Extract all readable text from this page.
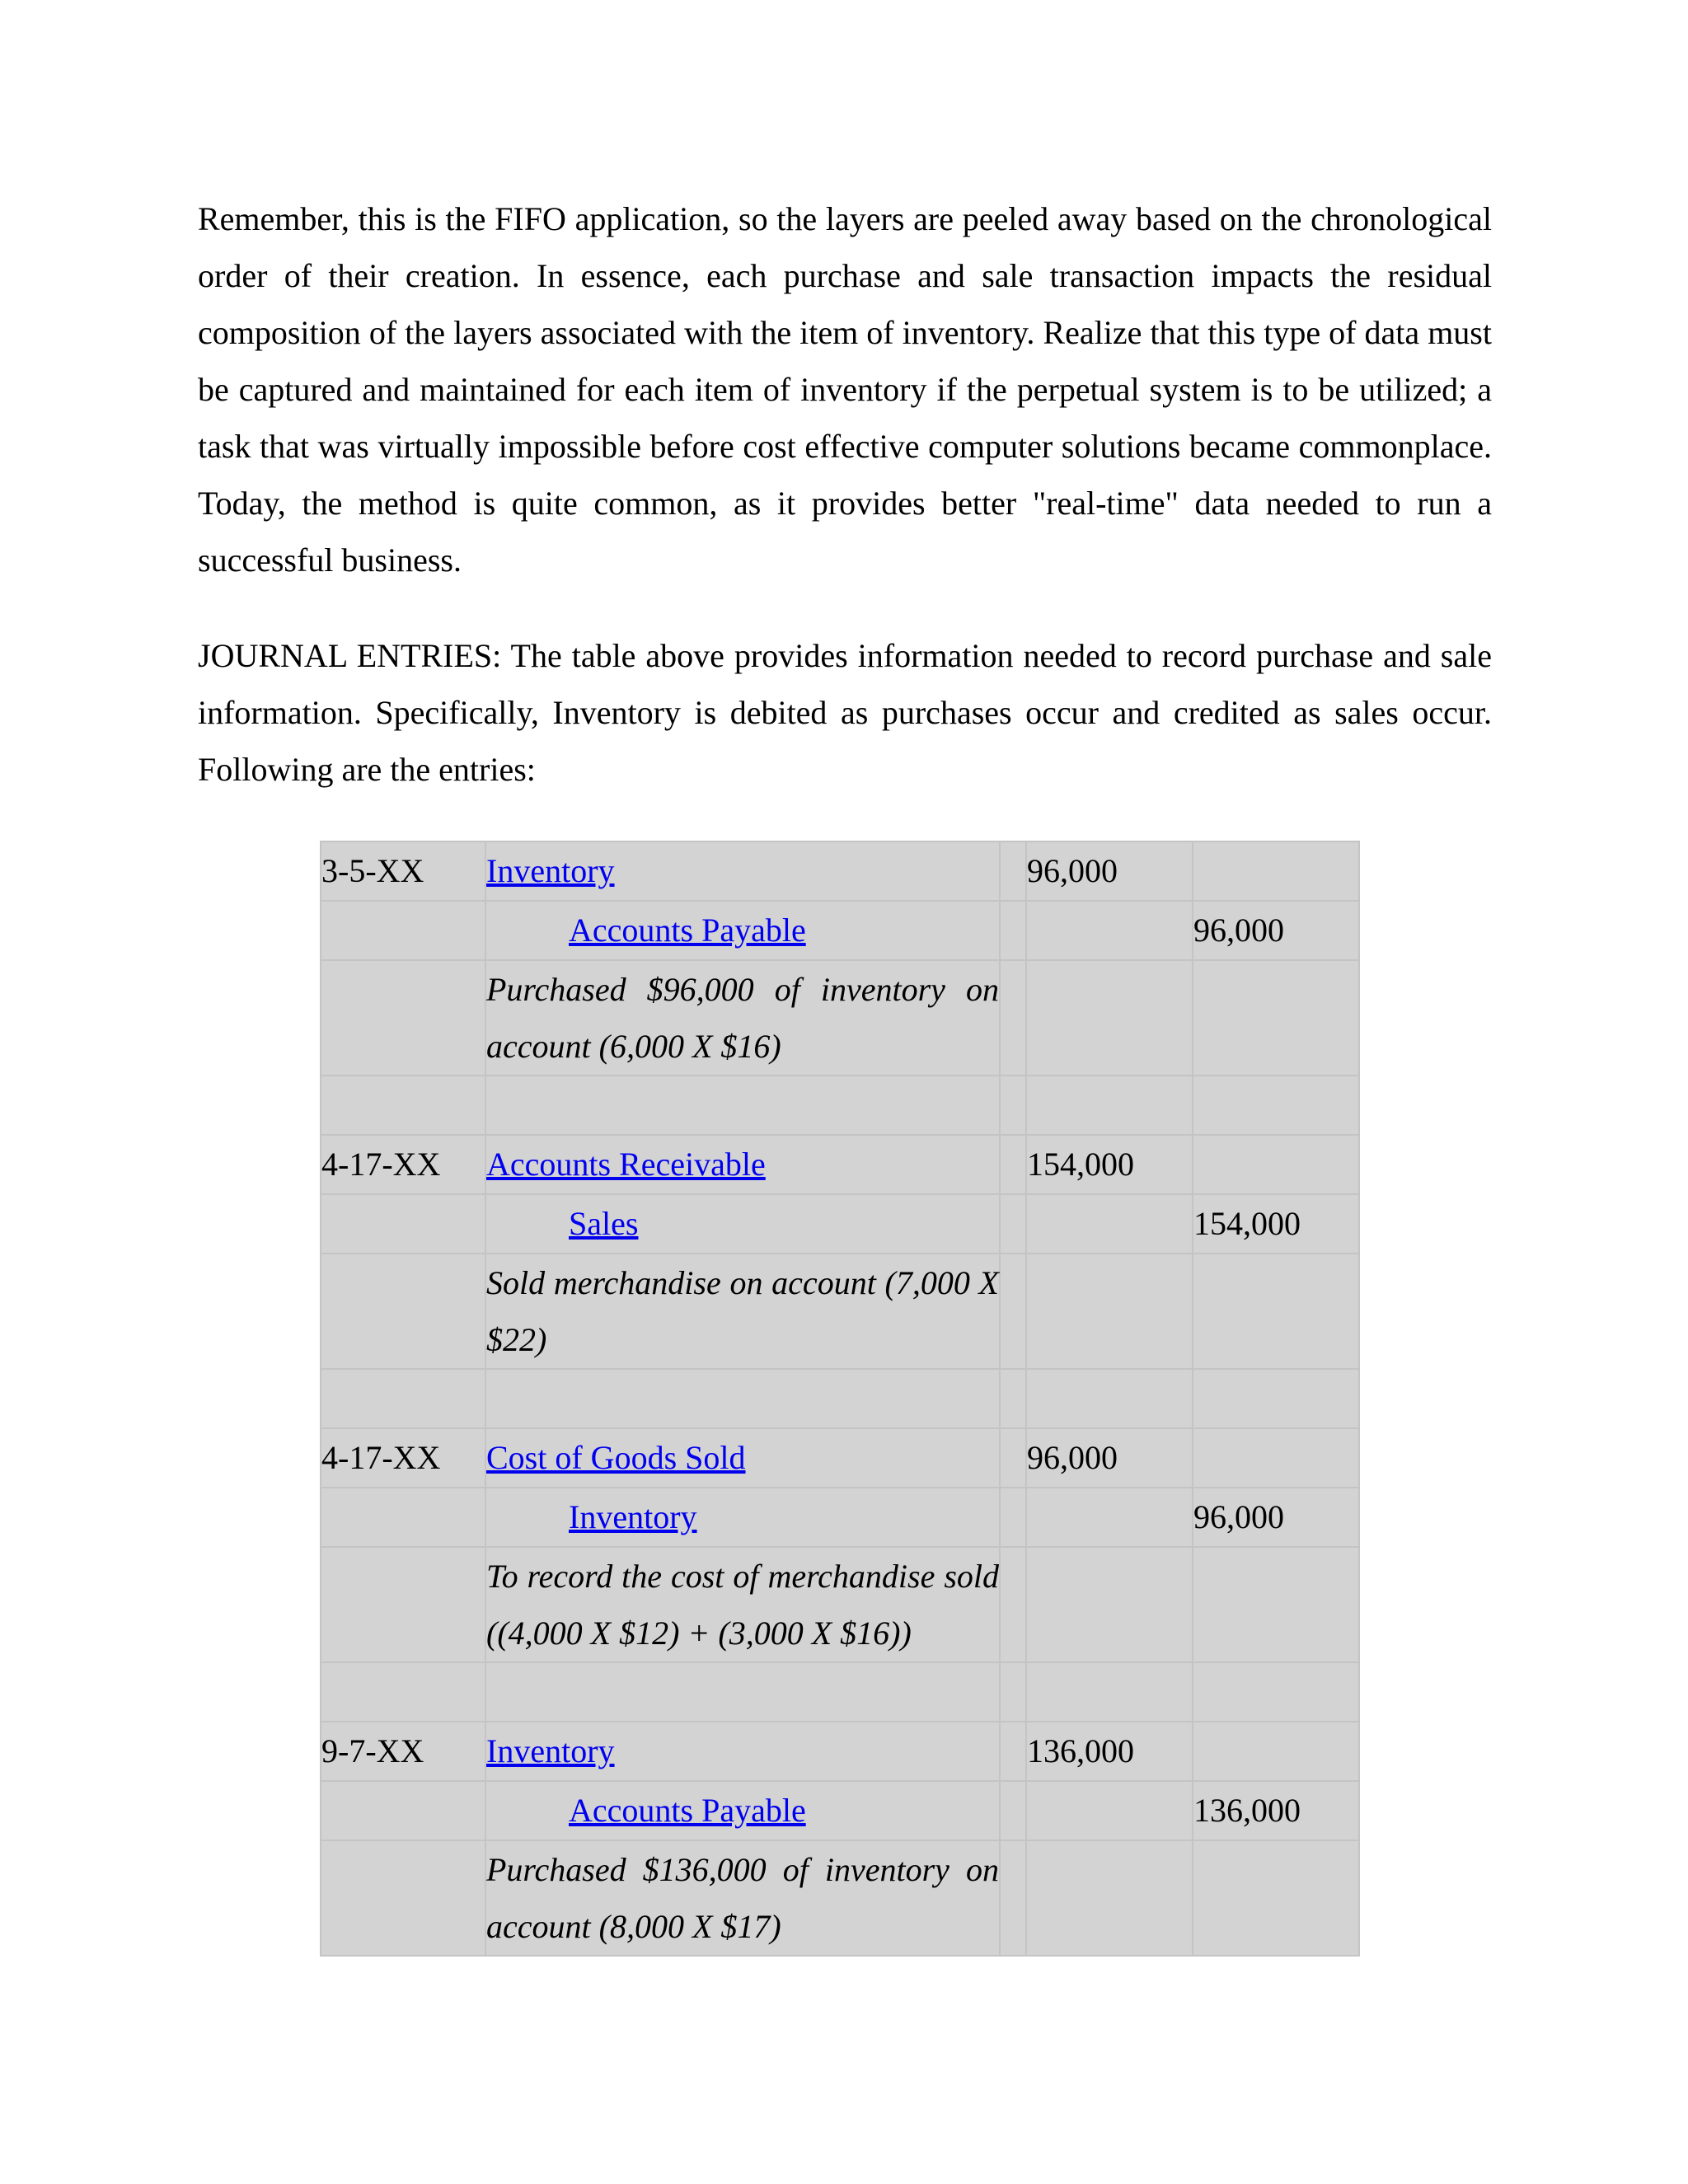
Remember, this is the FIFO application, so the layers are peeled away based on the chronological order of their creation. In essence, each purchase and sale transaction impacts the residual composition of the layers associated with the item of inventory. Realize that this type of data must be captured and maintained for each item of inventory if the perpetual system is to be utilized; a task that was virtually impossible before cost effective computer solutions became commonplace. Today, the method is quite common, as it provides better "real-time" data needed to run a successful business.

JOURNAL ENTRIES: The table above provides information needed to record purchase and sale information. Specifically, Inventory is debited as purchases occur and credited as sales occur. Following are the entries:

3-5-XX	Inventory		96,000	

	Accounts Payable			96,000
	Purchased $96,000 of inventory on account (6,000 X $16)			

4-17-XX	Accounts Receivable		154,000	

	Sales			154,000
	Sold merchandise on account (7,000 X $22)			

4-17-XX	Cost of Goods Sold		96,000	

	Inventory			96,000
	To record the cost of merchandise sold ((4,000 X $12) + (3,000 X $16))			

9-7-XX	Inventory		136,000	

	Accounts Payable			136,000
	Purchased $136,000 of inventory on account (8,000 X $17)			
